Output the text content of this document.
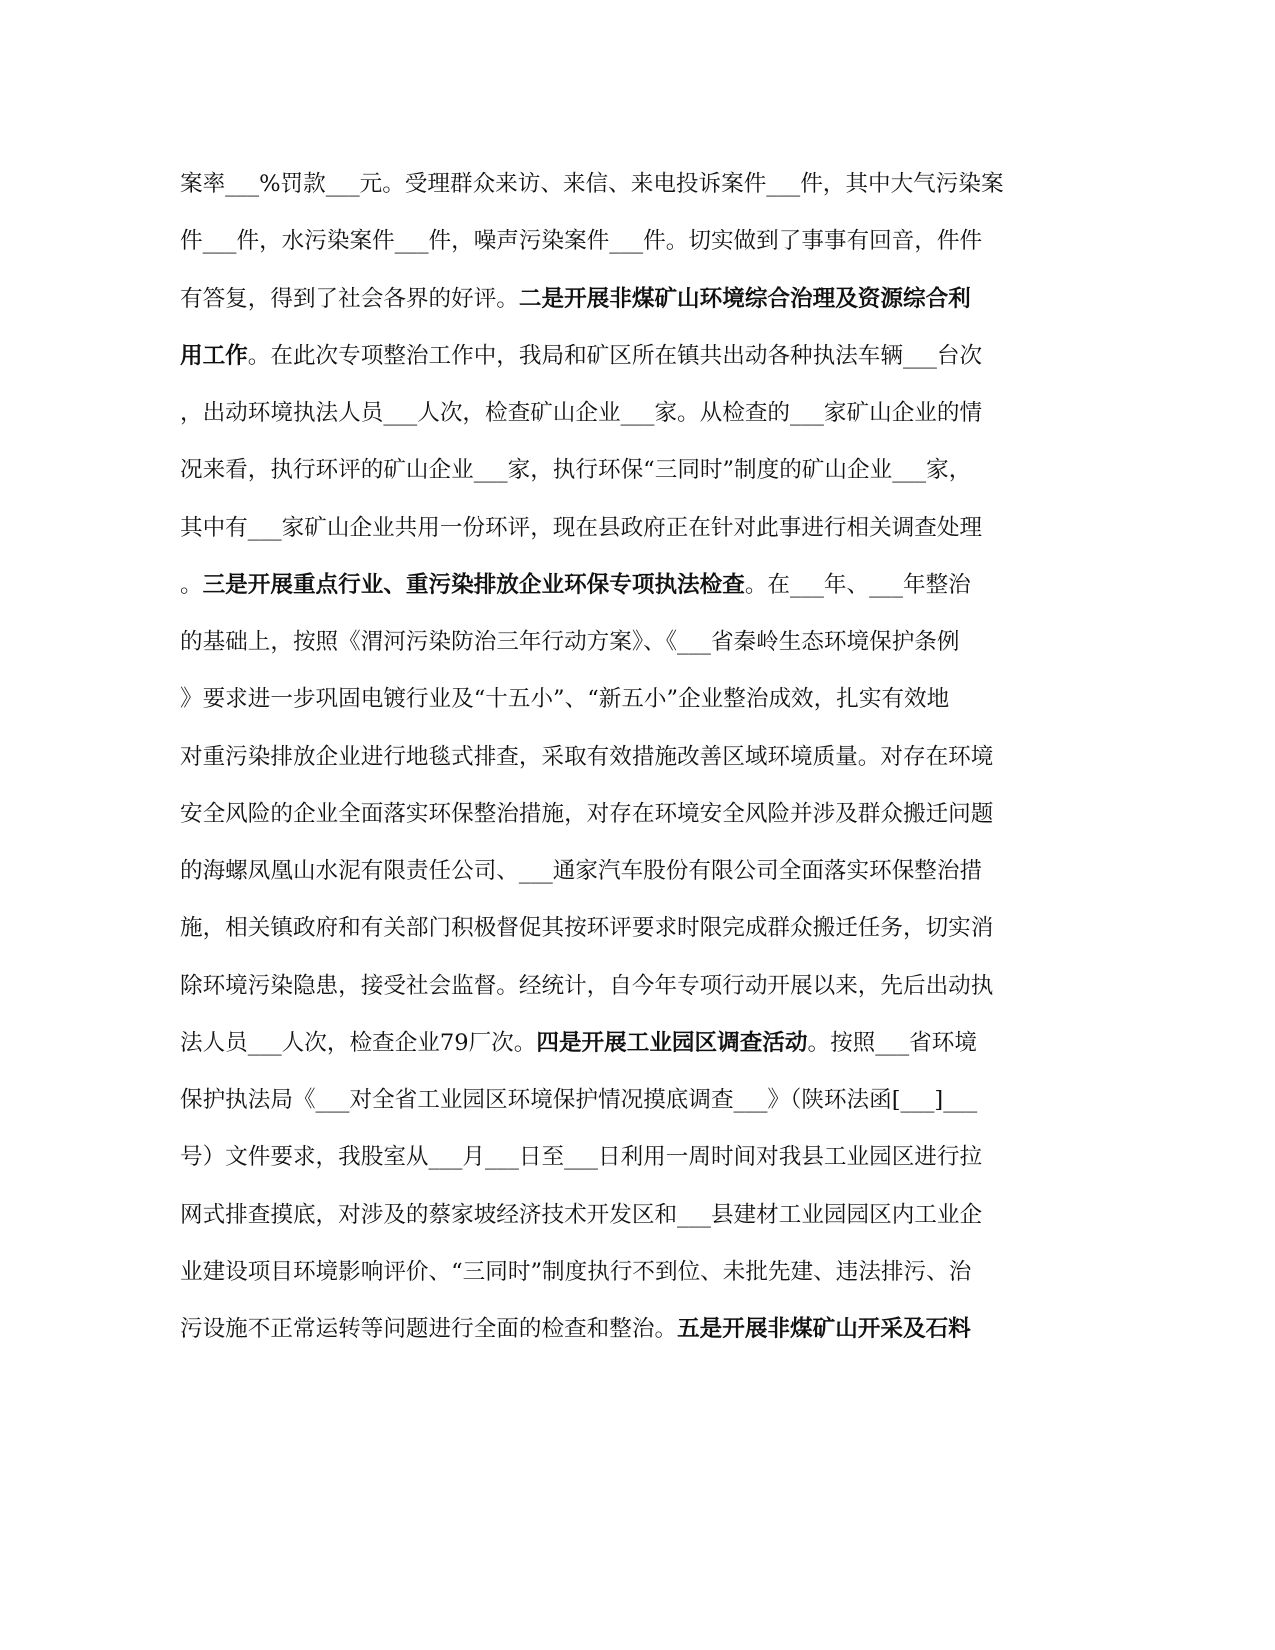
案率___%罚款___元。受理群众来访、来信、来电投诉案件___件，其中大气污染案
件___件，水污染案件___件，噪声污染案件___件。切实做到了事事有回音，件件
有答复，得到了社会各界的好评。二是开展非煤矿山环境综合治理及资源综合利
用工作。在此次专项整治工作中，我局和矿区所在镇共出动各种执法车辆___台次
，出动环境执法人员___人次，检查矿山企业___家。从检查的___家矿山企业的情
况来看，执行环评的矿山企业___家，执行环保“三同时”制度的矿山企业___家，
其中有___家矿山企业共用一份环评，现在县政府正在针对此事进行相关调查处理
。三是开展重点行业、重污染排放企业环保专项执法检查。在___年、___年整治
的基础上，按照《渭河污染防治三年行动方案》、《___省秦岭生态环境保护条例
》要求进一步巩固电镀行业及“十五小”、“新五小”企业整治成效，扎实有效地
对重污染排放企业进行地毯式排查，采取有效措施改善区域环境质量。对存在环境
安全风险的企业全面落实环保整治措施，对存在环境安全风险并涉及群众搬迁问题
的海螺凤凰山水泥有限责任公司、___通家汽车股份有限公司全面落实环保整治措
施，相关镇政府和有关部门积极督促其按环评要求时限完成群众搬迁任务，切实消
除环境污染隐患，接受社会监督。经统计，自今年专项行动开展以来，先后出动执
法人员___人次，检查企业79厂次。四是开展工业园区调查活动。按照___省环境
保护执法局《___对全省工业园区环境保护情况摸底调查___》（陕环法函[___]___
号）文件要求，我股室从___月___日至___日利用一周时间对我县工业园区进行拉
网式排查摸底，对涉及的蔡家坡经济技术开发区和___县建材工业园园区内工业企
业建设项目环境影响评价、“三同时”制度执行不到位、未批先建、违法排污、治
污设施不正常运转等问题进行全面的检查和整治。五是开展非煤矿山开采及石料
